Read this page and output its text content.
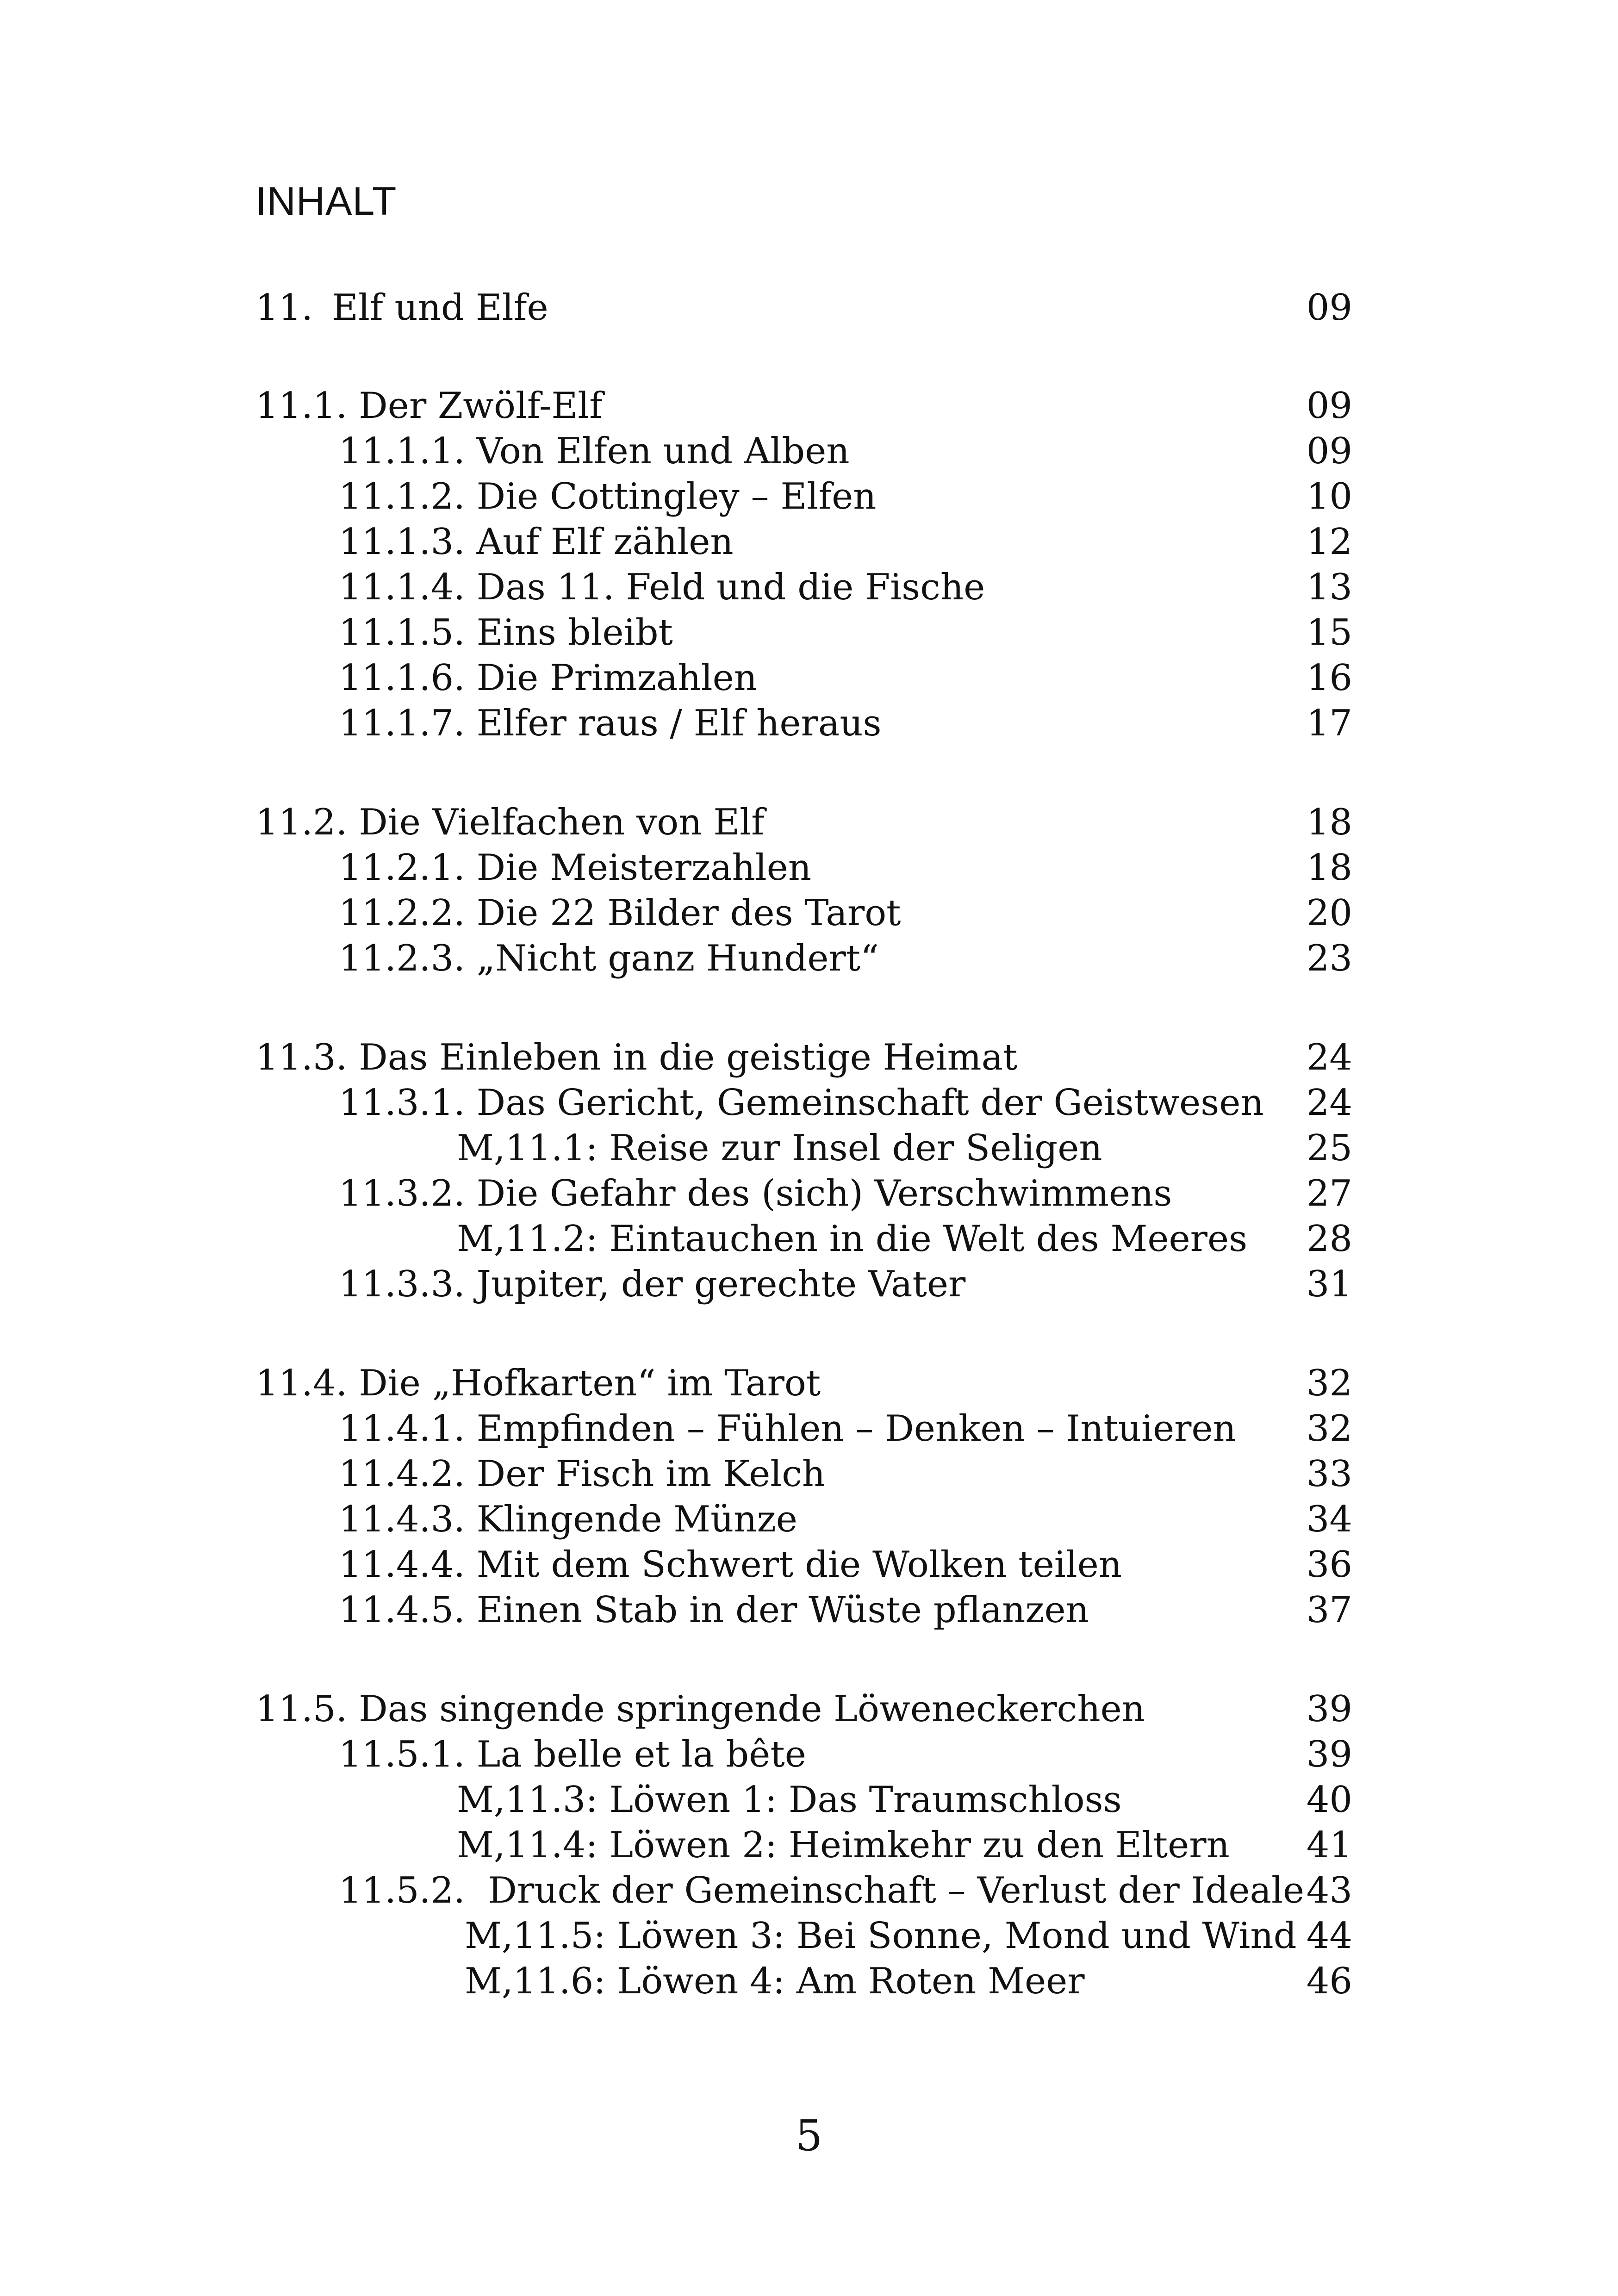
INHALT
11. Elf und Elfe	09
11.1. Der Zwölf-Elf	09
11.1.1. Von Elfen und Alben	09
11.1.2. Die Cottingley – Elfen	10
11.1.3. Auf Elf zählen	12
11.1.4. Das 11. Feld und die Fische	13
11.1.5. Eins bleibt	15
11.1.6. Die Primzahlen	16
11.1.7. Elfer raus / Elf heraus	17
11.2. Die Vielfachen von Elf	18
11.2.1. Die Meisterzahlen	18
11.2.2. Die 22 Bilder des Tarot	20
11.2.3. „Nicht ganz Hundert“	23
11.3. Das Einleben in die geistige Heimat	24
11.3.1. Das Gericht, Gemeinschaft der Geistwesen 24
M,11.1: Reise zur Insel der Seligen	25
11.3.2. Die Gefahr des (sich) Verschwimmens	27
M,11.2: Eintauchen in die Welt des Meeres 28
11.3.3. Jupiter, der gerechte Vater	31
11.4. Die „Hofkarten“ im Tarot	32
11.4.1. Empfinden – Fühlen – Denken – Intuieren 32
11.4.2. Der Fisch im Kelch	33
11.4.3. Klingende Münze	34
11.4.4. Mit dem Schwert die Wolken teilen	36
11.4.5. Einen Stab in der Wüste pflanzen	37
11.5. Das singende springende Löweneckerchen	39
11.5.1. La belle et la bête	39
M,11.3: Löwen 1: Das Traumschloss	40
M,11.4: Löwen 2: Heimkehr zu den Eltern 41
11.5.2.  Druck der Gemeinschaft – Verlust der Ideale 43
M,11.5: Löwen 3: Bei Sonne, Mond und Wind 44
M,11.6: Löwen 4: Am Roten Meer	46
5
